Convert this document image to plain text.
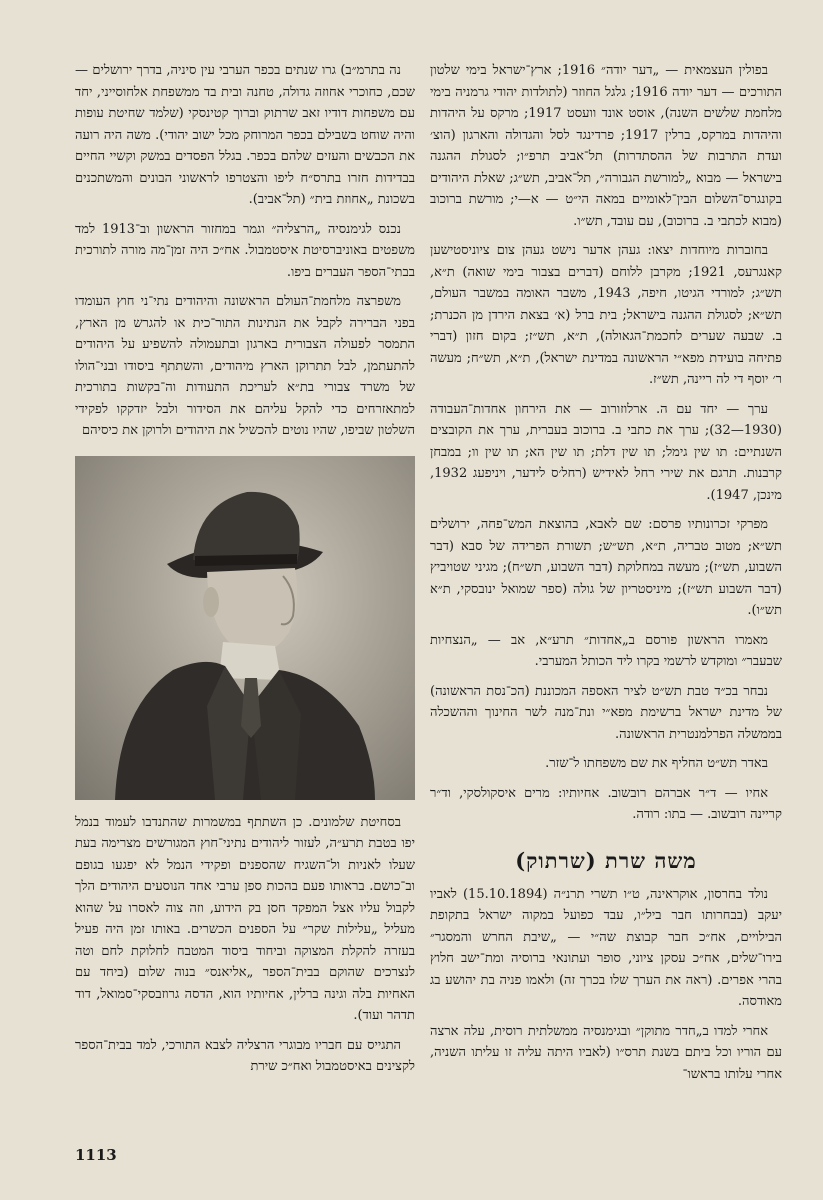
בפולין העצמאית — „דער יודה״ 1916; ארץ־ישראל בימי שלטון התורכים — דער יודה 1916; גלגל החוזר (לתולדות יהודי גרמניה בימי מלחמת שלשים השנה), אוסט אונד וועסט 1917; מרקס על היהדות והיהדות במרקס, ברלין 1917; פרדינגד לסל והגדולה והארגון (הוצ׳ ועדת התרבות של ההסתדרות) תל־אביב תרפ״ו; לסגולת ההגנה בישראל — מבוא „למורשת הגבורה״, תל־אביב, תש״ג; שאלת היהודים בקונגרס־השלום הבין־לאומיים במאה הי״ט — א—י; מורשת ברוכוב (מבוא לכתבי ב. ברוכוב), עם עובד, תש״ו.

בחוברות מיוחדות יצאו: געהן אדער נישט געהן צום ציוניסטישען קאנגרעס, 1921; מקרבן ללוחם (דברים בצבור בימי שואה) ת״א, תש״ג; למורדי הגיטו, חיפה, 1943, משבר האומה במשבר העולם, תש״א; לסגולת ההגנה בישראל; בית ברל (א׳ בצאת הירדן מן הכנרת; ב. שבעה שערים לחכמת־הגאולה), ת״א, תש״ז; בקום חזון (דברי פתיחה בועידת מפא״י הראשונה במדינת ישראל), ת״א, תש״ח; מעשה ר׳ יוסף די לה ריינה, תש״ז.

ערך — יחד עם ה. ארלוזורוב — את הירחון אחדות־העבודה (1930—32); ערך את כתבי ב. ברוכוב בעברית, ערך את הקובצים השנתיים: תו שין גימל; תו שין דלת; תו שין הא; תו שין וו; במבחן קרבנות. תרגם את שירי רחל לאידיש (רחל׳ס לידער, ויניפעג 1932, מינכן, 1947).

מפרקי זכרונותיו פרסם: שם לאבא, בהוצאת המש־פחה, ירושלים תש״א; מטוב טבריה, ת״א, תש״ש; תשורת הפרידה של סבא (דבר השבוע, תש״ז); מעשה במחלוקת (דבר השבוע, תש״ח); מגיני שטויביץ (דבר השבוע תש״ז); מיניסטריון של גולה (ספר שמואל ינובסקי, ת״א תש״ו).

מאמרו הראשון פורסם ב„אחדות״ תרע״א, אב — „הנצחיות שבעבר״ ומוקדש לרשמי בקרו ליד הכותל המערבי.

נבחר בכ״ד טבת תש״ט לציר האספה המכוננת (הכ־נסת הראשונה) של מדינת ישראל ברשימת מפא״י ונת־מנה לשר החינוך וההשכלה בממשלה הפרלמנטרית הראשונה.

באדר תש״ט החליף את שם משפחתו ל־שזר.

אחיו — ד״ר אברהם רובשוב. אחיותיו: מרים איסקולסקי, וד״ר קריינה רובשוב. — בתו: רודה.

משה שרת (שרתוק)

נולד בחרסון, אוקראינה, ט״ו תשרי תרנ״ה (15.10.1894) לאביו יעקב (בבחרותו חבר ביל״ו, עבד כפועל במקוה ישראל בתקופת הבילויים, אח״כ חבר קבוצת שה״י — „שיבת החרש והמסגר״ בירו־שלים, אח״כ עסקן ציוני, סופר ועתונאי ברוסיה ומת־ישב חלוץ בהרי אפרים. (ראה את הערך שלו בכרך זה) ולאמו פניה בת יהושע בג מאודסה.

אחרי למדו ב„חדר מתוקן״ ובגימנסיה ממשלתית רוסית, עלה ארצה עם הוריו וכל ביתם בשנת תרס״ו (לאביו היתה עליה זו עליתו השניה, אחרי עלותו בראשו־

נה בתרמ״ב) גרו שנתים בכפר הערבי עין סיניה, בדרך ירושלים — שכם, כחוכרי אחוזה גדולה, טחנה ובית בד ממשפחת אלחוסייני, יחד עם משפחות דודיו זאב שרתוק וברוך קטינסקי (שלמד שחיטת עופות והיה שוחט בשבילם בכפר המרוחק מכל ישוב יהודי). משה היה רועה את הכבשים והעזים שלהם בכפר. בגלל הפסדים במשק וקשיי החיים בבדידות חזרו בתרס״ח ליפו והצטרפו לראשוני הבונים והמשתכנים בשכונת „אחוזת בית״ (תל־אביב).

נכנס לגימנסיה „הרצליה״ וגמר במחזור הראשון וב־1913 למד משפטים באוניברסיטת איסטמבול. אח״כ היה זמן־מה מורה לתורכית בבתי־הספר העברים ביפו.

משפרצה מלחמת־העולם הראשונה והיהודים נתי־ני חוץ העומדו בפני הברירה לקבל את הנתינות התור־כית או להגרש מן הארץ, התמסר לפעולה הצבורית בארגון ובתעמולה להשפיע על היהודים להתעתמן, לבל תתרוקן הארץ מיהודים, והשתתף ביסודו ובני־הולו של משרד צבורי בת״א לעריכת התעודות וה־בקשות בתורכית למתאזרחים כדי להקל עליהם את הסידור ולבל יזדקקו לפקידי השלטון שביפו, שהיו נוטים להכשיל את היהודים ולרוקן את כיסיהם

בסחיטת שלמונים. כן השתתף במשמרות שהתנדבו לעמוד בנמל יפו בטבת תרע״ה, לעזור ליהודים נתיני־חוץ המגורשים מצרימה בעת שעלו לאניות ול־השגיח שהספנים ופקידי הנמל לא יפגעו בגופם וב־כושם. בראותו פעם בהכות ספן ערבי אחד הנוסעים היהודים הלך לקבול עליו אצל המפקד חסן בק הידוע, וזה צוה לאסרו על שהוא מעליל „עלילות שקר״ על הספנים הכשרים. באותו זמן היה פעיל בעזרה להקלת המצוקה וביחוד ביסוד המטבח לחלוקת לחם וטה לנצרכים שהוקם בבית־הספר „אליאנס״ בנוה שלום (ביחד עם האחיות בלה וגינה ברלין, אחיותיו הוא, הדסה גרוזבסקי־סמואל, דוד תדהר ועוד).

התגייס עם חבריו מבוגרי הרצליה לצבא התורכי, למד בבית־הספר לקצינים באיסטמבול ואח״כ שירת

1113
